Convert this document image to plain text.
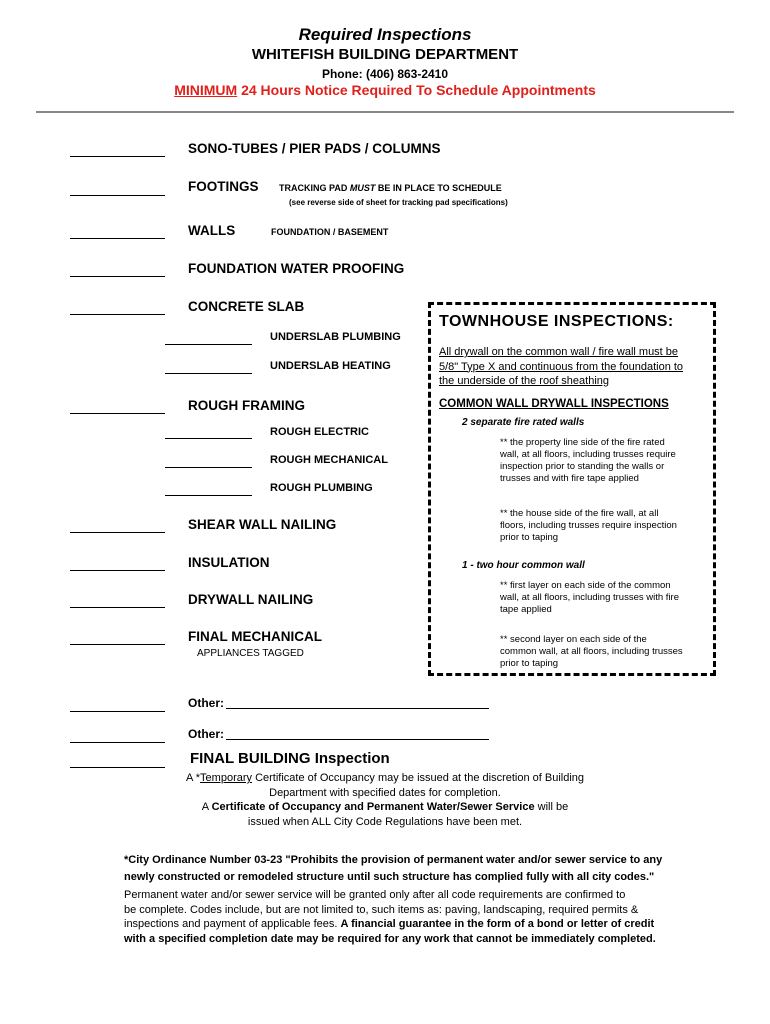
Required Inspections
WHITEFISH BUILDING DEPARTMENT
Phone: (406) 863-2410
MINIMUM 24 Hours Notice Required To Schedule Appointments
SONO-TUBES / PIER PADS / COLUMNS
FOOTINGS TRACKING PAD MUST BE IN PLACE TO SCHEDULE
(see reverse side of sheet for tracking pad specifications)
WALLS	FOUNDATION / BASEMENT
FOUNDATION WATER PROOFING
CONCRETE SLAB
UNDERSLAB PLUMBING
UNDERSLAB HEATING
ROUGH FRAMING
ROUGH ELECTRIC
ROUGH MECHANICAL
ROUGH PLUMBING
SHEAR WALL NAILING
INSULATION
DRYWALL NAILING
FINAL MECHANICAL
APPLIANCES TAGGED
Other:
Other:
FINAL BUILDING Inspection
TOWNHOUSE INSPECTIONS:
All drywall on the common wall / fire wall must be
5/8" Type X and continuous from the foundation to
the underside of the roof sheathing
COMMON WALL DRYWALL INSPECTIONS
2 separate fire rated walls
** the property line side of the fire rated
wall, at all floors, including trusses require
inspection prior to standing the walls or
trusses and with fire tape applied
** the house side of the fire wall, at all
floors, including trusses require inspection
prior to taping
1 - two hour common wall
** first layer on each side of the common
wall, at all floors, including trusses with fire
tape applied
** second layer on each side of the
common wall, at all floors, including trusses
prior to taping
A *Temporary Certificate of Occupancy may be issued at the discretion of Building
Department with specified dates for completion.
A Certificate of Occupancy and Permanent Water/Sewer Service will be
issued when ALL City Code Regulations have been met.
*City Ordinance Number 03-23 "Prohibits the provision of permanent water and/or sewer service to any
newly constructed or remodeled structure until such structure has complied fully with all city codes."
Permanent water and/or sewer service will be granted only after all code requirements are confirmed to
be complete. Codes include, but are not limited to, such items as: paving, landscaping, required permits &
inspections and payment of applicable fees. A financial guarantee in the form of a bond or letter of credit
with a specified completion date may be required for any work that cannot be immediately completed.
